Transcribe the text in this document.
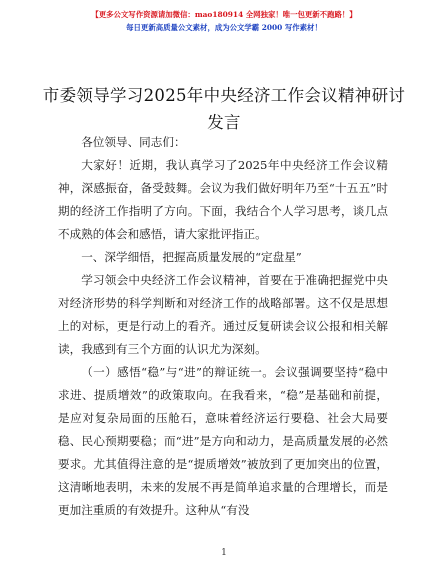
【更多公文写作资源请加微信：mao180914 全网独家！唯一包更新不跑路！】
每日更新高质量公文素材，成为公文学霸 2000 写作素材！
市委领导学习2025年中央经济工作会议精神研讨发言

各位领导、同志们：

大家好！近期，我认真学习了2025年中央经济工作会议精神，深感振奋，备受鼓舞。会议为我们做好明年乃至“十五五”时期的经济工作指明了方向。下面，我结合个人学习思考，谈几点不成熟的体会和感悟，请大家批评指正。

一、深学细悟，把握高质量发展的“定盘星”

学习领会中央经济工作会议精神，首要在于准确把握党中央对经济形势的科学判断和对经济工作的战略部署。这不仅是思想上的对标，更是行动上的看齐。通过反复研读会议公报和相关解读，我感到有三个方面的认识尤为深刻。

（一）感悟“稳”与“进”的辩证统一。会议强调要坚持“稳中求进、提质增效”的政策取向。在我看来，“稳”是基础和前提，是应对复杂局面的压舱石，意味着经济运行要稳、社会大局要稳、民心预期要稳；而“进”是方向和动力，是高质量发展的必然要求。尤其值得注意的是“提质增效”被放到了更加突出的位置，这清晰地表明，未来的发展不再是简单追求量的合理增长，而是更加注重质的有效提升。这种从“有没

1
